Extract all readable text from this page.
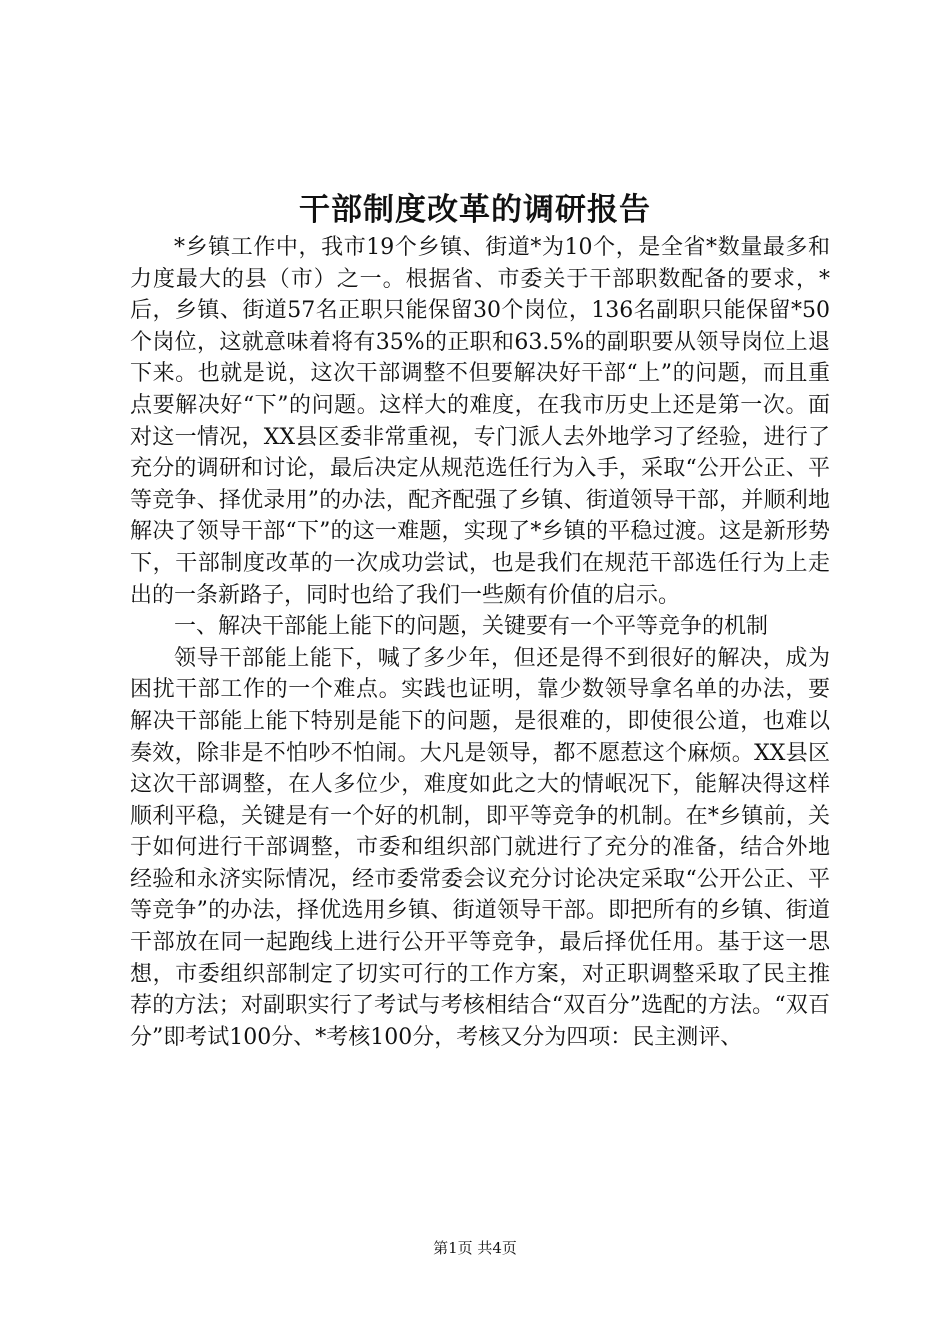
干部制度改革的调研报告

*乡镇工作中，我市19个乡镇、街道*为10个，是全省*数量最多和力度最大的县（市）之一。根据省、市委关于干部职数配备的要求，*后，乡镇、街道57名正职只能保留30个岗位，136名副职只能保留*50个岗位，这就意味着将有35%的正职和63.5%的副职要从领导岗位上退下来。也就是说，这次干部调整不但要解决好干部“上”的问题，而且重点要解决好“下”的问题。这样大的难度，在我市历史上还是第一次。面对这一情况，XX县区委非常重视，专门派人去外地学习了经验，进行了充分的调研和讨论，最后决定从规范选任行为入手，采取“公开公正、平等竞争、择优录用”的办法，配齐配强了乡镇、街道领导干部，并顺利地解决了领导干部“下”的这一难题，实现了*乡镇的平稳过渡。这是新形势下，干部制度改革的一次成功尝试，也是我们在规范干部选任行为上走出的一条新路子，同时也给了我们一些颇有价值的启示。

一、解决干部能上能下的问题，关键要有一个平等竞争的机制

领导干部能上能下，喊了多少年，但还是得不到很好的解决，成为困扰干部工作的一个难点。实践也证明，靠少数领导拿名单的办法，要解决干部能上能下特别是能下的问题，是很难的，即使很公道，也难以奏效，除非是不怕吵不怕闹。大凡是领导，都不愿惹这个麻烦。XX县区这次干部调整，在人多位少，难度如此之大的情岷况下，能解决得这样顺利平稳，关键是有一个好的机制，即平等竞争的机制。在*乡镇前，关于如何进行干部调整，市委和组织部门就进行了充分的准备，结合外地经验和永济实际情况，经市委常委会议充分讨论决定采取“公开公正、平等竞争”的办法，择优选用乡镇、街道领导干部。即把所有的乡镇、街道干部放在同一起跑线上进行公开平等竞争，最后择优任用。基于这一思想，市委组织部制定了切实可行的工作方案，对正职调整采取了民主推荐的方法；对副职实行了考试与考核相结合“双百分”选配的方法。“双百分”即考试100分、*考核100分，考核又分为四项：民主测评、

第1页 共4页
